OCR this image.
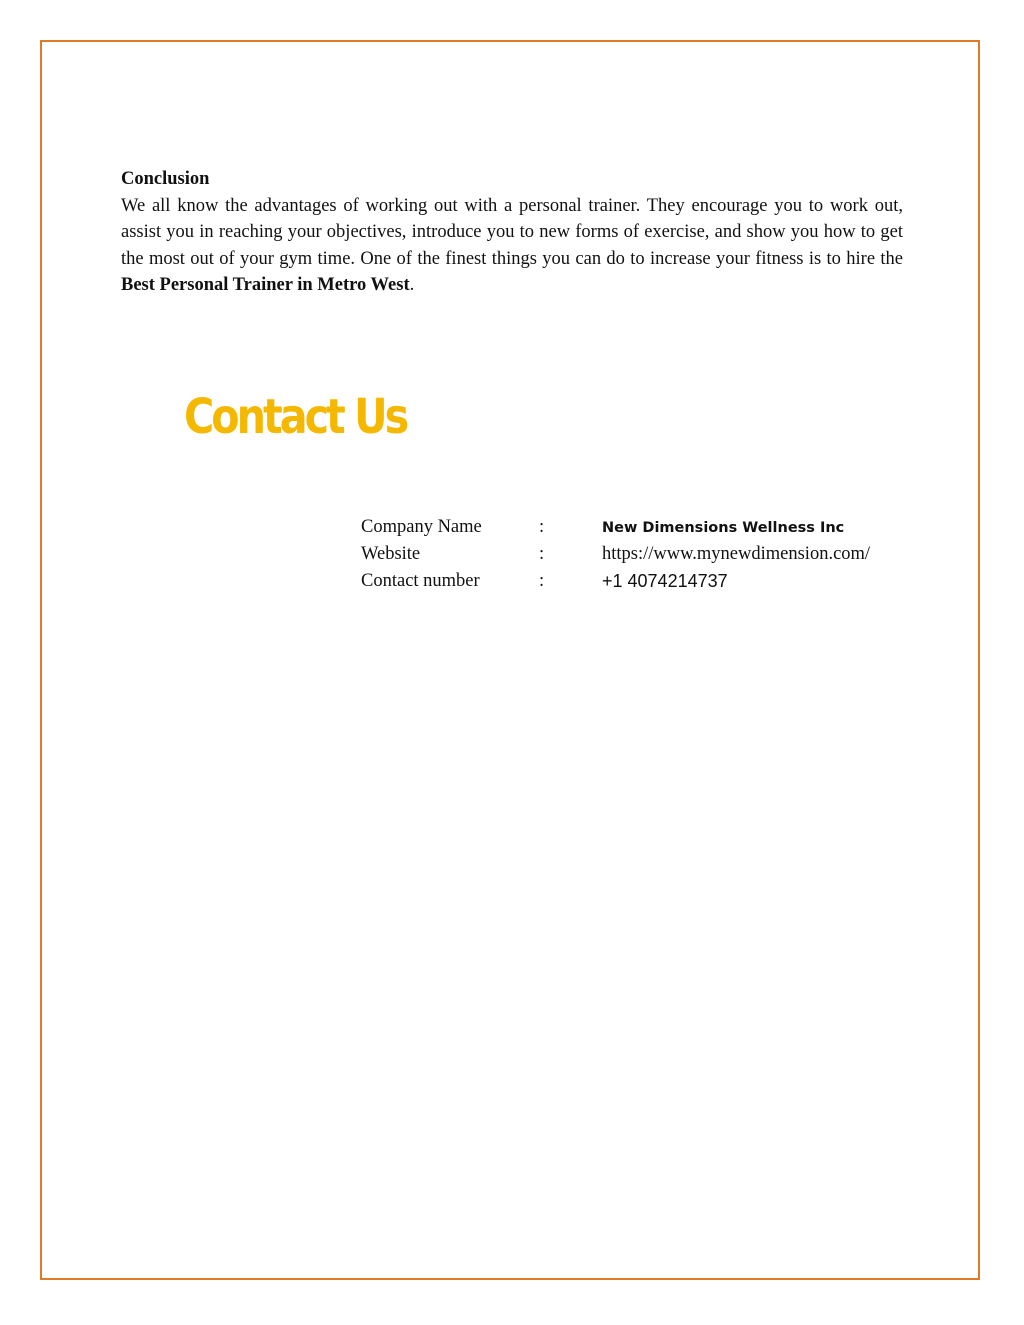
Conclusion

We all know the advantages of working out with a personal trainer. They encourage you to work out, assist you in reaching your objectives, introduce you to new forms of exercise, and show you how to get the most out of your gym time. One of the finest things you can do to increase your fitness is to hire the Best Personal Trainer in Metro West.

Contact Us
Company Name	:	New Dimensions Wellness Inc
Website	:	https://www.mynewdimension.com/
Contact number	:	+1 4074214737
